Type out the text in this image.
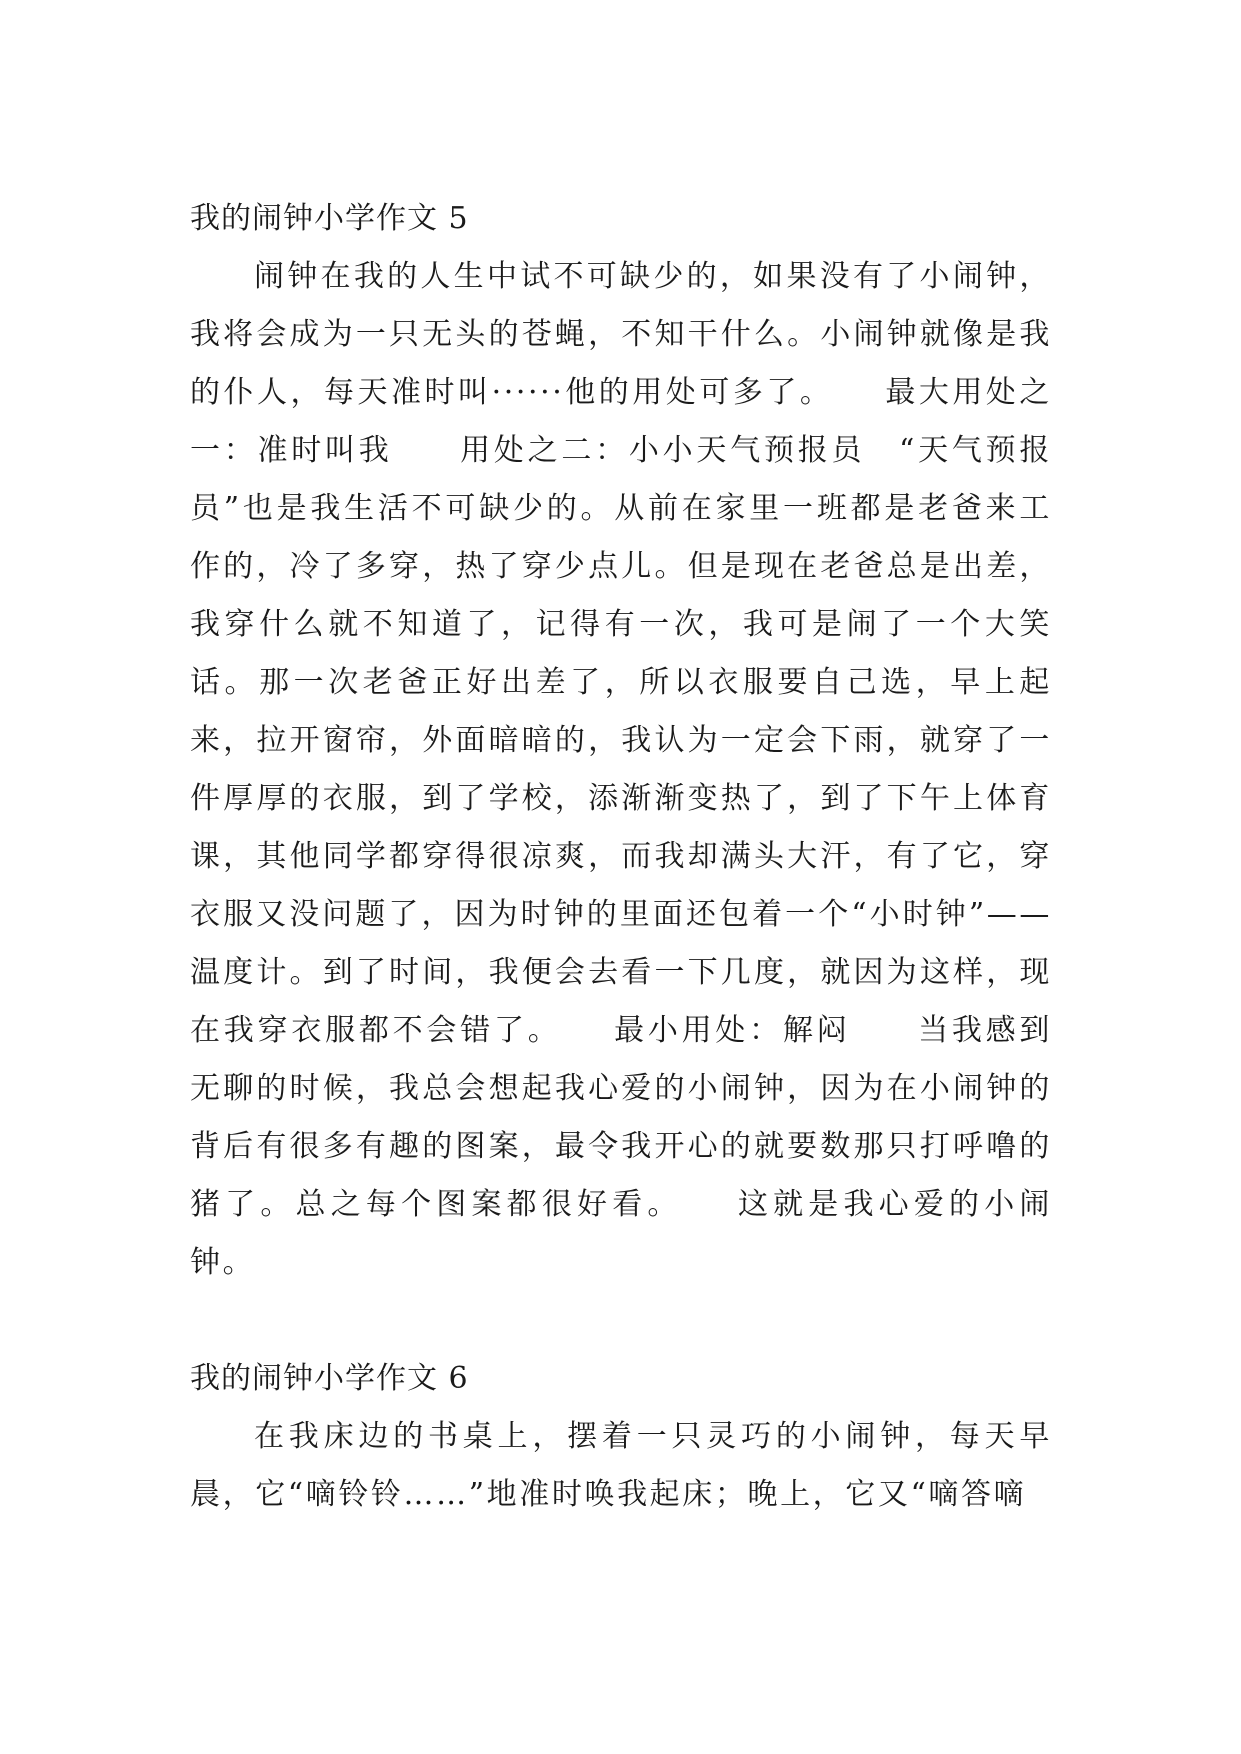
我的闹钟小学作文 5

闹钟在我的人生中试不可缺少的，如果没有了小闹钟，我将会成为一只无头的苍蝇，不知干什么。小闹钟就像是我的仆人，每天准时叫······他的用处可多了。　　最大用处之一：准时叫我　　用处之二：小小天气预报员　“天气预报员”也是我生活不可缺少的。从前在家里一班都是老爸来工作的，冷了多穿，热了穿少点儿。但是现在老爸总是出差，我穿什么就不知道了，记得有一次，我可是闹了一个大笑话。那一次老爸正好出差了，所以衣服要自己选，早上起来，拉开窗帘，外面暗暗的，我认为一定会下雨，就穿了一件厚厚的衣服，到了学校，添渐渐变热了，到了下午上体育课，其他同学都穿得很凉爽，而我却满头大汗，有了它，穿衣服又没问题了，因为时钟的里面还包着一个“小时钟”——温度计。到了时间，我便会去看一下几度，就因为这样，现在我穿衣服都不会错了。　　最小用处：解闷　　当我感到无聊的时候，我总会想起我心爱的小闹钟，因为在小闹钟的背后有很多有趣的图案，最令我开心的就要数那只打呼噜的猪了。总之每个图案都很好看。　　这就是我心爱的小闹钟。

我的闹钟小学作文 6

在我床边的书桌上，摆着一只灵巧的小闹钟，每天早晨，它“嘀铃铃……”地准时唤我起床；晚上，它又“嘀答嘀
